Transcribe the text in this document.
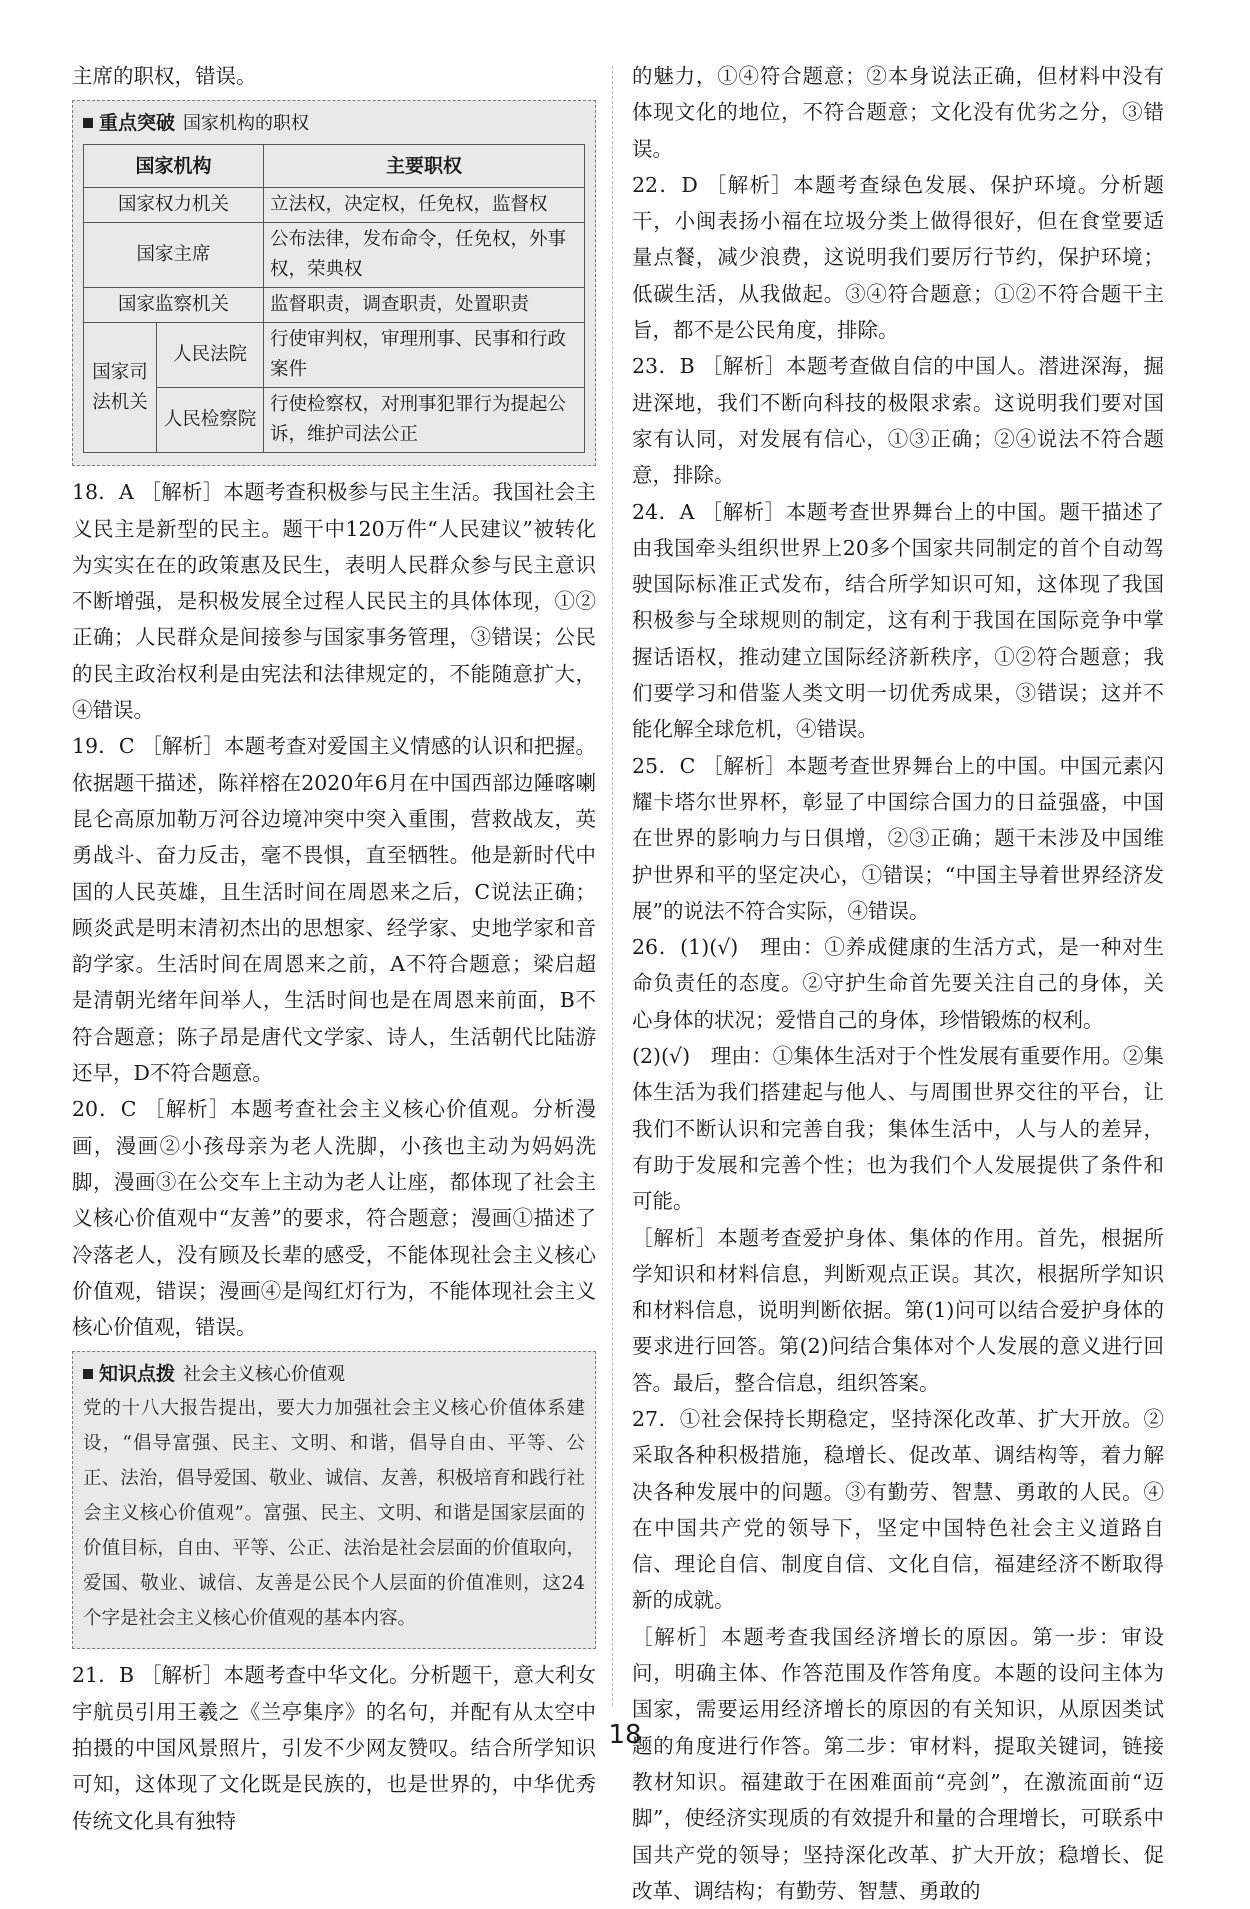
主席的职权，错误。

重点突破 国家机构的职权
国家机构		主要职权
国家权力机关		立法权，决定权，任免权，监督权
国家主席		公布法律，发布命令，任免权，外事权，荣典权
国家监察机关		监督职责，调查职责，处置职责
国家司法机关	人民法院	行使审判权，审理刑事、民事和行政案件
	人民检察院	行使检察权，对刑事犯罪行为提起公诉，维护司法公正

18．A ［解析］本题考查积极参与民主生活。我国社会主义民主是新型的民主。题干中120万件“人民建议”被转化为实实在在的政策惠及民生，表明人民群众参与民主意识不断增强，是积极发展全过程人民民主的具体体现，①②正确；人民群众是间接参与国家事务管理，③错误；公民的民主政治权利是由宪法和法律规定的，不能随意扩大，④错误。

19．C ［解析］本题考查对爱国主义情感的认识和把握。依据题干描述，陈祥榕在2020年6月在中国西部边陲喀喇昆仑高原加勒万河谷边境冲突中突入重围，营救战友，英勇战斗、奋力反击，毫不畏惧，直至牺牲。他是新时代中国的人民英雄，且生活时间在周恩来之后，C说法正确；顾炎武是明末清初杰出的思想家、经学家、史地学家和音韵学家。生活时间在周恩来之前，A不符合题意；梁启超是清朝光绪年间举人，生活时间也是在周恩来前面，B不符合题意；陈子昂是唐代文学家、诗人，生活朝代比陆游还早，D不符合题意。

20．C ［解析］本题考查社会主义核心价值观。分析漫画，漫画②小孩母亲为老人洗脚，小孩也主动为妈妈洗脚，漫画③在公交车上主动为老人让座，都体现了社会主义核心价值观中“友善”的要求，符合题意；漫画①描述了冷落老人，没有顾及长辈的感受，不能体现社会主义核心价值观，错误；漫画④是闯红灯行为，不能体现社会主义核心价值观，错误。

知识点拨 社会主义核心价值观
党的十八大报告提出，要大力加强社会主义核心价值体系建设，“倡导富强、民主、文明、和谐，倡导自由、平等、公正、法治，倡导爱国、敬业、诚信、友善，积极培育和践行社会主义核心价值观”。富强、民主、文明、和谐是国家层面的价值目标，自由、平等、公正、法治是社会层面的价值取向，爱国、敬业、诚信、友善是公民个人层面的价值准则，这24个字是社会主义核心价值观的基本内容。

21．B ［解析］本题考查中华文化。分析题干，意大利女宇航员引用王羲之《兰亭集序》的名句，并配有从太空中拍摄的中国风景照片，引发不少网友赞叹。结合所学知识可知，这体现了文化既是民族的，也是世界的，中华优秀传统文化具有独特

的魅力，①④符合题意；②本身说法正确，但材料中没有体现文化的地位，不符合题意；文化没有优劣之分，③错误。

22．D ［解析］本题考查绿色发展、保护环境。分析题干，小闽表扬小福在垃圾分类上做得很好，但在食堂要适量点餐，减少浪费，这说明我们要厉行节约，保护环境；低碳生活，从我做起。③④符合题意；①②不符合题干主旨，都不是公民角度，排除。

23．B ［解析］本题考查做自信的中国人。潜进深海，掘进深地，我们不断向科技的极限求索。这说明我们要对国家有认同，对发展有信心，①③正确；②④说法不符合题意，排除。

24．A ［解析］本题考查世界舞台上的中国。题干描述了由我国牵头组织世界上20多个国家共同制定的首个自动驾驶国际标准正式发布，结合所学知识可知，这体现了我国积极参与全球规则的制定，这有利于我国在国际竞争中掌握话语权，推动建立国际经济新秩序，①②符合题意；我们要学习和借鉴人类文明一切优秀成果，③错误；这并不能化解全球危机，④错误。

25．C ［解析］本题考查世界舞台上的中国。中国元素闪耀卡塔尔世界杯，彰显了中国综合国力的日益强盛，中国在世界的影响力与日俱增，②③正确；题干未涉及中国维护世界和平的坚定决心，①错误；“中国主导着世界经济发展”的说法不符合实际，④错误。

26．(1)(√)　理由：①养成健康的生活方式，是一种对生命负责任的态度。②守护生命首先要关注自己的身体，关心身体的状况；爱惜自己的身体，珍惜锻炼的权利。

(2)(√)　理由：①集体生活对于个性发展有重要作用。②集体生活为我们搭建起与他人、与周围世界交往的平台，让我们不断认识和完善自我；集体生活中，人与人的差异，有助于发展和完善个性；也为我们个人发展提供了条件和可能。

［解析］本题考查爱护身体、集体的作用。首先，根据所学知识和材料信息，判断观点正误。其次，根据所学知识和材料信息，说明判断依据。第(1)问可以结合爱护身体的要求进行回答。第(2)问结合集体对个人发展的意义进行回答。最后，整合信息，组织答案。

27．①社会保持长期稳定，坚持深化改革、扩大开放。②采取各种积极措施，稳增长、促改革、调结构等，着力解决各种发展中的问题。③有勤劳、智慧、勇敢的人民。④在中国共产党的领导下，坚定中国特色社会主义道路自信、理论自信、制度自信、文化自信，福建经济不断取得新的成就。

［解析］本题考查我国经济增长的原因。第一步：审设问，明确主体、作答范围及作答角度。本题的设问主体为国家，需要运用经济增长的原因的有关知识，从原因类试题的角度进行作答。第二步：审材料，提取关键词，链接教材知识。福建敢于在困难面前“亮剑”，在激流面前“迈脚”，使经济实现质的有效提升和量的合理增长，可联系中国共产党的领导；坚持深化改革、扩大开放；稳增长、促改革、调结构；有勤劳、智慧、勇敢的

18
